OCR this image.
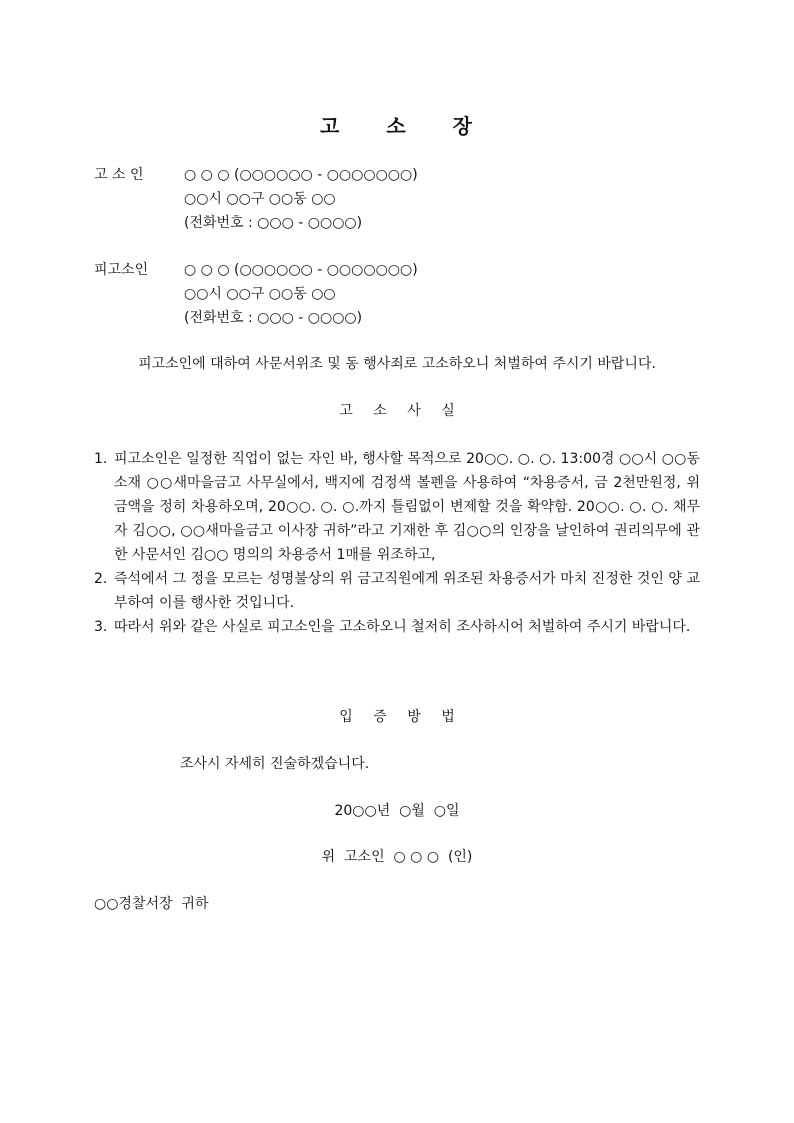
고 소 장
고 소 인	○ ○ ○ (○○○○○○ - ○○○○○○○)
○○시 ○○구 ○○동 ○○
(전화번호 : ○○○ - ○○○○)
피고소인	○ ○ ○ (○○○○○○ - ○○○○○○○)
○○시 ○○구 ○○동 ○○
(전화번호 : ○○○ - ○○○○)
피고소인에 대하여 사문서위조 및 동 행사죄로 고소하오니 처벌하여 주시기 바랍니다.
고 소 사 실
1. 피고소인은 일정한 직업이 없는 자인 바, 행사할 목적으로 20○○. ○. ○. 13:00경 ○○시 ○○동 소재 ○○새마을금고 사무실에서, 백지에 검정색 볼펜을 사용하여 “차용증서, 금 2천만원정, 위 금액을 정히 차용하오며, 20○○. ○. ○.까지 틀림없이 변제할 것을 확약함. 20○○. ○. ○. 채무자 김○○, ○○새마을금고 이사장 귀하”라고 기재한 후 김○○의 인장을 날인하여 권리의무에 관한 사문서인 김○○ 명의의 차용증서 1매를 위조하고,
2. 즉석에서 그 정을 모르는 성명불상의 위 금고직원에게 위조된 차용증서가 마치 진정한 것인 양 교부하여 이를 행사한 것입니다.
3. 따라서 위와 같은 사실로 피고소인을 고소하오니 철저히 조사하시어 처벌하여 주시기 바랍니다.
입 증 방 법
조사시 자세히 진술하겠습니다.
20○○년  ○월  ○일
위  고소인  ○ ○ ○  (인)
○○경찰서장  귀하
